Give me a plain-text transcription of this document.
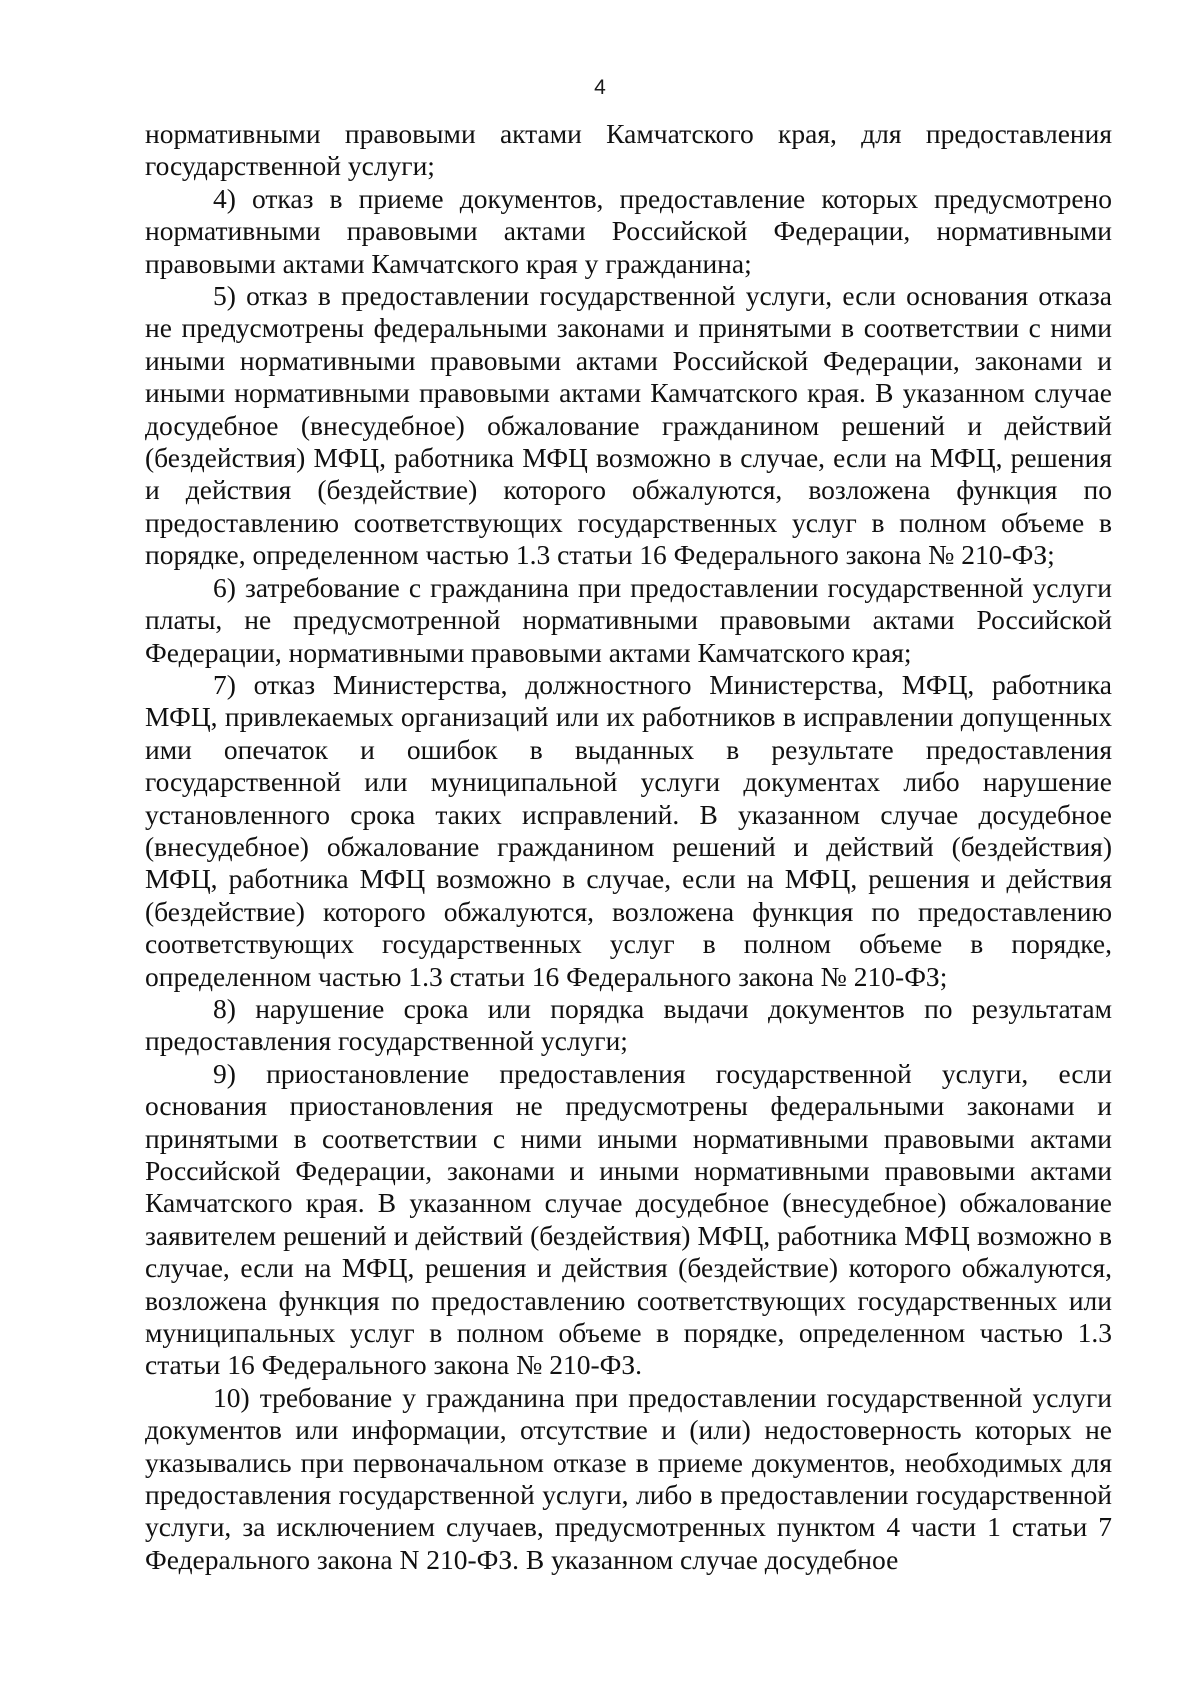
4

нормативными правовыми актами Камчатского края, для предоставления государственной услуги;

4) отказ в приеме документов, предоставление которых предусмотрено нормативными правовыми актами Российской Федерации, нормативными правовыми актами Камчатского края у гражданина;

5) отказ в предоставлении государственной услуги, если основания отказа не предусмотрены федеральными законами и принятыми в соответствии с ними иными нормативными правовыми актами Российской Федерации, законами и иными нормативными правовыми актами Камчатского края. В указанном случае досудебное (внесудебное) обжалование гражданином решений и действий (бездействия) МФЦ, работника МФЦ возможно в случае, если на МФЦ, решения и действия (бездействие) которого обжалуются, возложена функция по предоставлению соответствующих государственных услуг в полном объеме в порядке, определенном частью 1.3 статьи 16 Федерального закона № 210-ФЗ;

6) затребование с гражданина при предоставлении государственной услуги платы, не предусмотренной нормативными правовыми актами Российской Федерации, нормативными правовыми актами Камчатского края;

7) отказ Министерства, должностного Министерства, МФЦ, работника МФЦ, привлекаемых организаций или их работников в исправлении допущенных ими опечаток и ошибок в выданных в результате предоставления государственной или муниципальной услуги документах либо нарушение установленного срока таких исправлений. В указанном случае досудебное (внесудебное) обжалование гражданином решений и действий (бездействия) МФЦ, работника МФЦ возможно в случае, если на МФЦ, решения и действия (бездействие) которого обжалуются, возложена функция по предоставлению соответствующих государственных услуг в полном объеме в порядке, определенном частью 1.3 статьи 16 Федерального закона № 210-ФЗ;

8) нарушение срока или порядка выдачи документов по результатам предоставления государственной услуги;

9) приостановление предоставления государственной услуги, если основания приостановления не предусмотрены федеральными законами и принятыми в соответствии с ними иными нормативными правовыми актами Российской Федерации, законами и иными нормативными правовыми актами Камчатского края. В указанном случае досудебное (внесудебное) обжалование заявителем решений и действий (бездействия) МФЦ, работника МФЦ возможно в случае, если на МФЦ, решения и действия (бездействие) которого обжалуются, возложена функция по предоставлению соответствующих государственных или муниципальных услуг в полном объеме в порядке, определенном частью 1.3 статьи 16 Федерального закона № 210-ФЗ.

10) требование у гражданина при предоставлении государственной услуги документов или информации, отсутствие и (или) недостоверность которых не указывались при первоначальном отказе в приеме документов, необходимых для предоставления государственной услуги, либо в предоставлении государственной услуги, за исключением случаев, предусмотренных пунктом 4 части 1 статьи 7 Федерального закона N 210-ФЗ. В указанном случае досудебное
